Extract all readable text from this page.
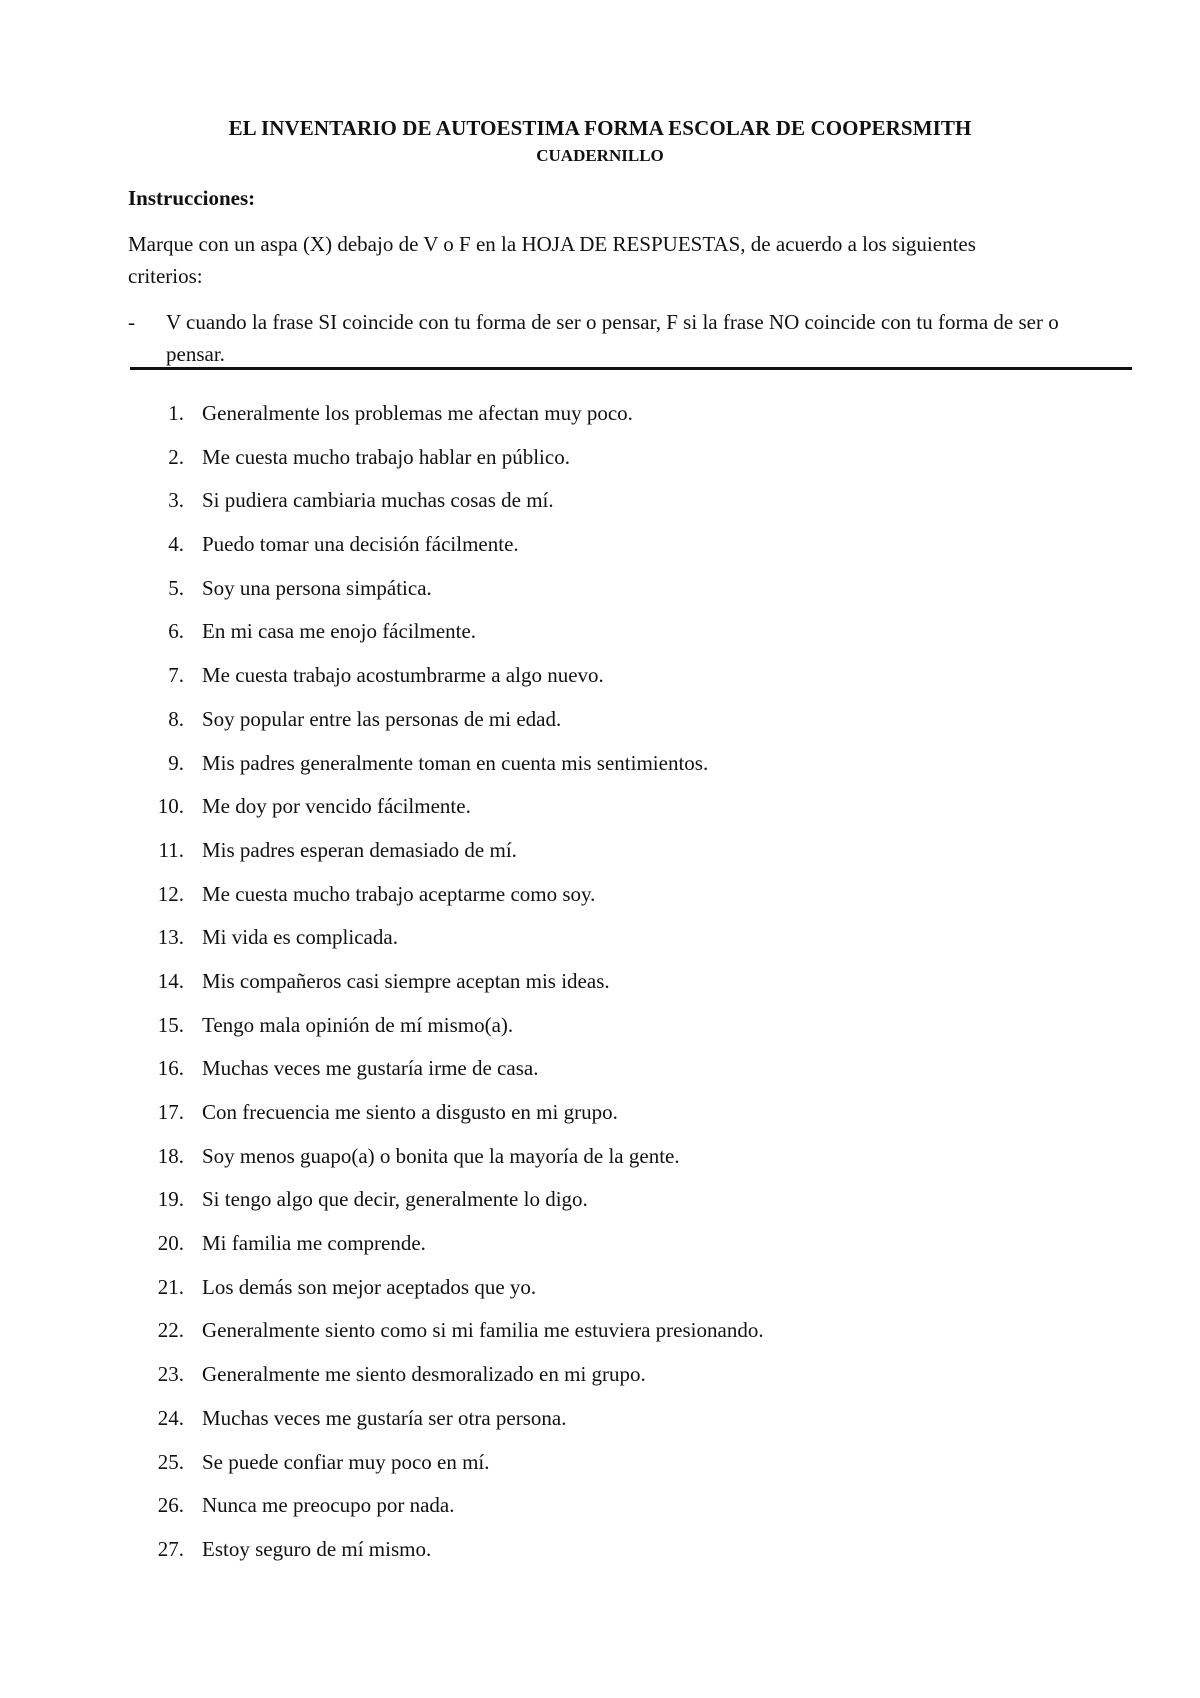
EL INVENTARIO DE AUTOESTIMA FORMA ESCOLAR DE COOPERSMITH
CUADERNILLO
Instrucciones:
Marque con un aspa (X) debajo de V o F en la HOJA DE RESPUESTAS, de acuerdo a los siguientes criterios:
- V cuando la frase SI coincide con tu forma de ser o pensar, F si la frase NO coincide con tu forma de ser o pensar.
1. Generalmente los problemas me afectan muy poco.
2. Me cuesta mucho trabajo hablar en público.
3. Si pudiera cambiaria muchas cosas de mí.
4. Puedo tomar una decisión fácilmente.
5. Soy una persona simpática.
6. En mi casa me enojo fácilmente.
7. Me cuesta trabajo acostumbrarme a algo nuevo.
8. Soy popular entre las personas de mi edad.
9. Mis padres generalmente toman en cuenta mis sentimientos.
10. Me doy por vencido fácilmente.
11. Mis padres esperan demasiado de mí.
12. Me cuesta mucho trabajo aceptarme como soy.
13. Mi vida es complicada.
14. Mis compañeros casi siempre aceptan mis ideas.
15. Tengo mala opinión de mí mismo(a).
16. Muchas veces me gustaría irme de casa.
17. Con frecuencia me siento a disgusto en mi grupo.
18. Soy menos guapo(a) o bonita que la mayoría de la gente.
19. Si tengo algo que decir, generalmente lo digo.
20. Mi familia me comprende.
21. Los demás son mejor aceptados que yo.
22. Generalmente siento como si mi familia me estuviera presionando.
23. Generalmente me siento desmoralizado en mi grupo.
24. Muchas veces me gustaría ser otra persona.
25. Se puede confiar muy poco en mí.
26. Nunca me preocupo por nada.
27. Estoy seguro de mí mismo.
